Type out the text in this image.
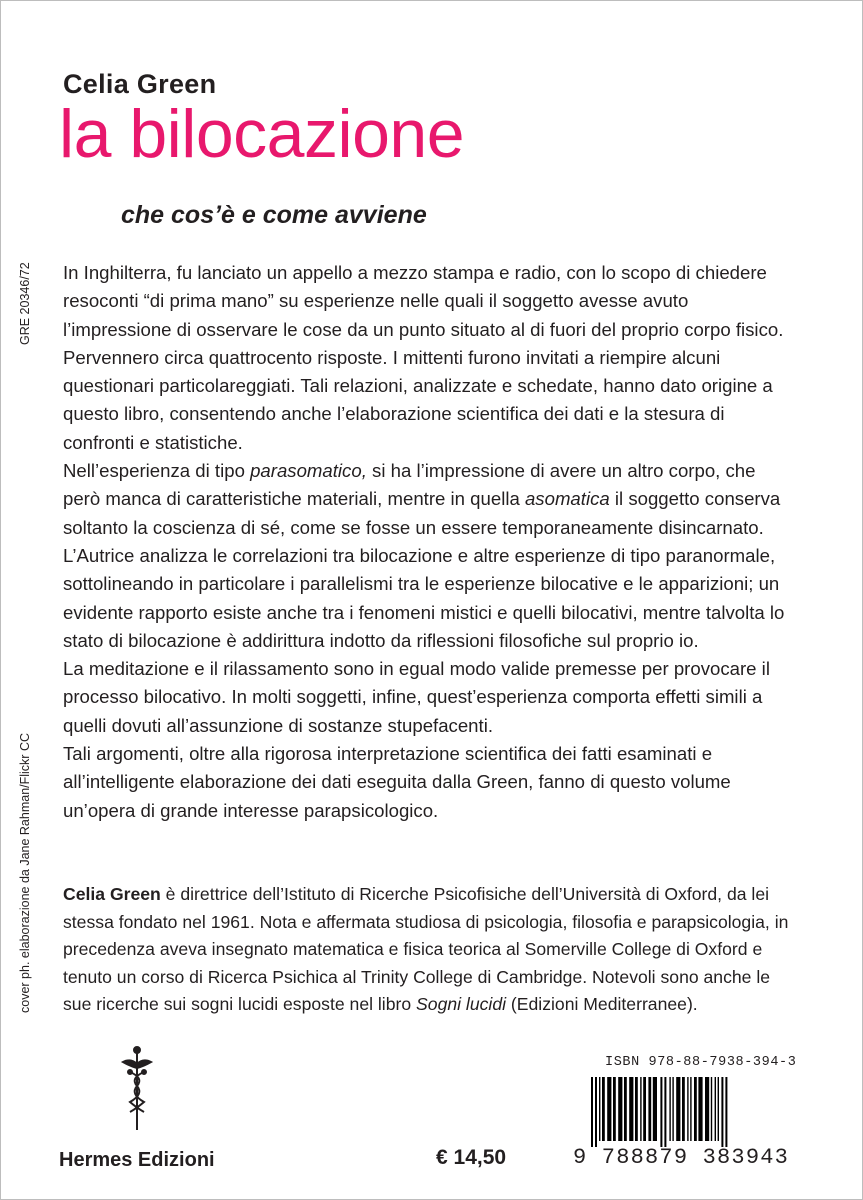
Celia Green
la bilocazione
che cos’è e come avviene
GRE 20346/72
cover ph. elaborazione da Jane Rahman/Flickr CC

In Inghilterra, fu lanciato un appello a mezzo stampa e radio, con lo scopo di chiedere resoconti “di prima mano” su esperienze nelle quali il soggetto avesse avuto l’impressione di osservare le cose da un punto situato al di fuori del proprio corpo fisico.

Pervennero circa quattrocento risposte. I mittenti furono invitati a riempire alcuni questionari particolareggiati. Tali relazioni, analizzate e schedate, hanno dato origine a questo libro, consentendo anche l’elaborazione scientifica dei dati e la stesura di confronti e statistiche.

Nell’esperienza di tipo parasomatico, si ha l’impressione di avere un altro corpo, che però manca di caratteristiche materiali, mentre in quella asomatica il soggetto conserva soltanto la coscienza di sé, come se fosse un essere temporaneamente disincarnato.

L’Autrice analizza le correlazioni tra bilocazione e altre esperienze di tipo paranormale, sottolineando in particolare i parallelismi tra le esperienze bilocative e le apparizioni; un evidente rapporto esiste anche tra i fenomeni mistici e quelli bilocativi, mentre talvolta lo stato di bilocazione è addirittura indotto da riflessioni filosofiche sul proprio io.

La meditazione e il rilassamento sono in egual modo valide premesse per provocare il processo bilocativo. In molti soggetti, infine, quest’esperienza comporta effetti simili a quelli dovuti all’assunzione di sostanze stupefacenti.

Tali argomenti, oltre alla rigorosa interpretazione scientifica dei fatti esaminati e all’intelligente elaborazione dei dati eseguita dalla Green, fanno di questo volume un’opera di grande interesse parapsicologico.

Celia Green è direttrice dell’Istituto di Ricerche Psicofisiche dell’Università di Oxford, da lei stessa fondato nel 1961. Nota e affermata studiosa di psicologia, filosofia e parapsicologia, in precedenza aveva insegnato matematica e fisica teorica al Somerville College di Oxford e tenuto un corso di Ricerca Psichica al Trinity College di Cambridge. Notevoli sono anche le sue ricerche sui sogni lucidi esposte nel libro Sogni lucidi (Edizioni Mediterranee).

Hermes Edizioni	€ 14,50
ISBN 978-88-7938-394-3
9 788879 383943
